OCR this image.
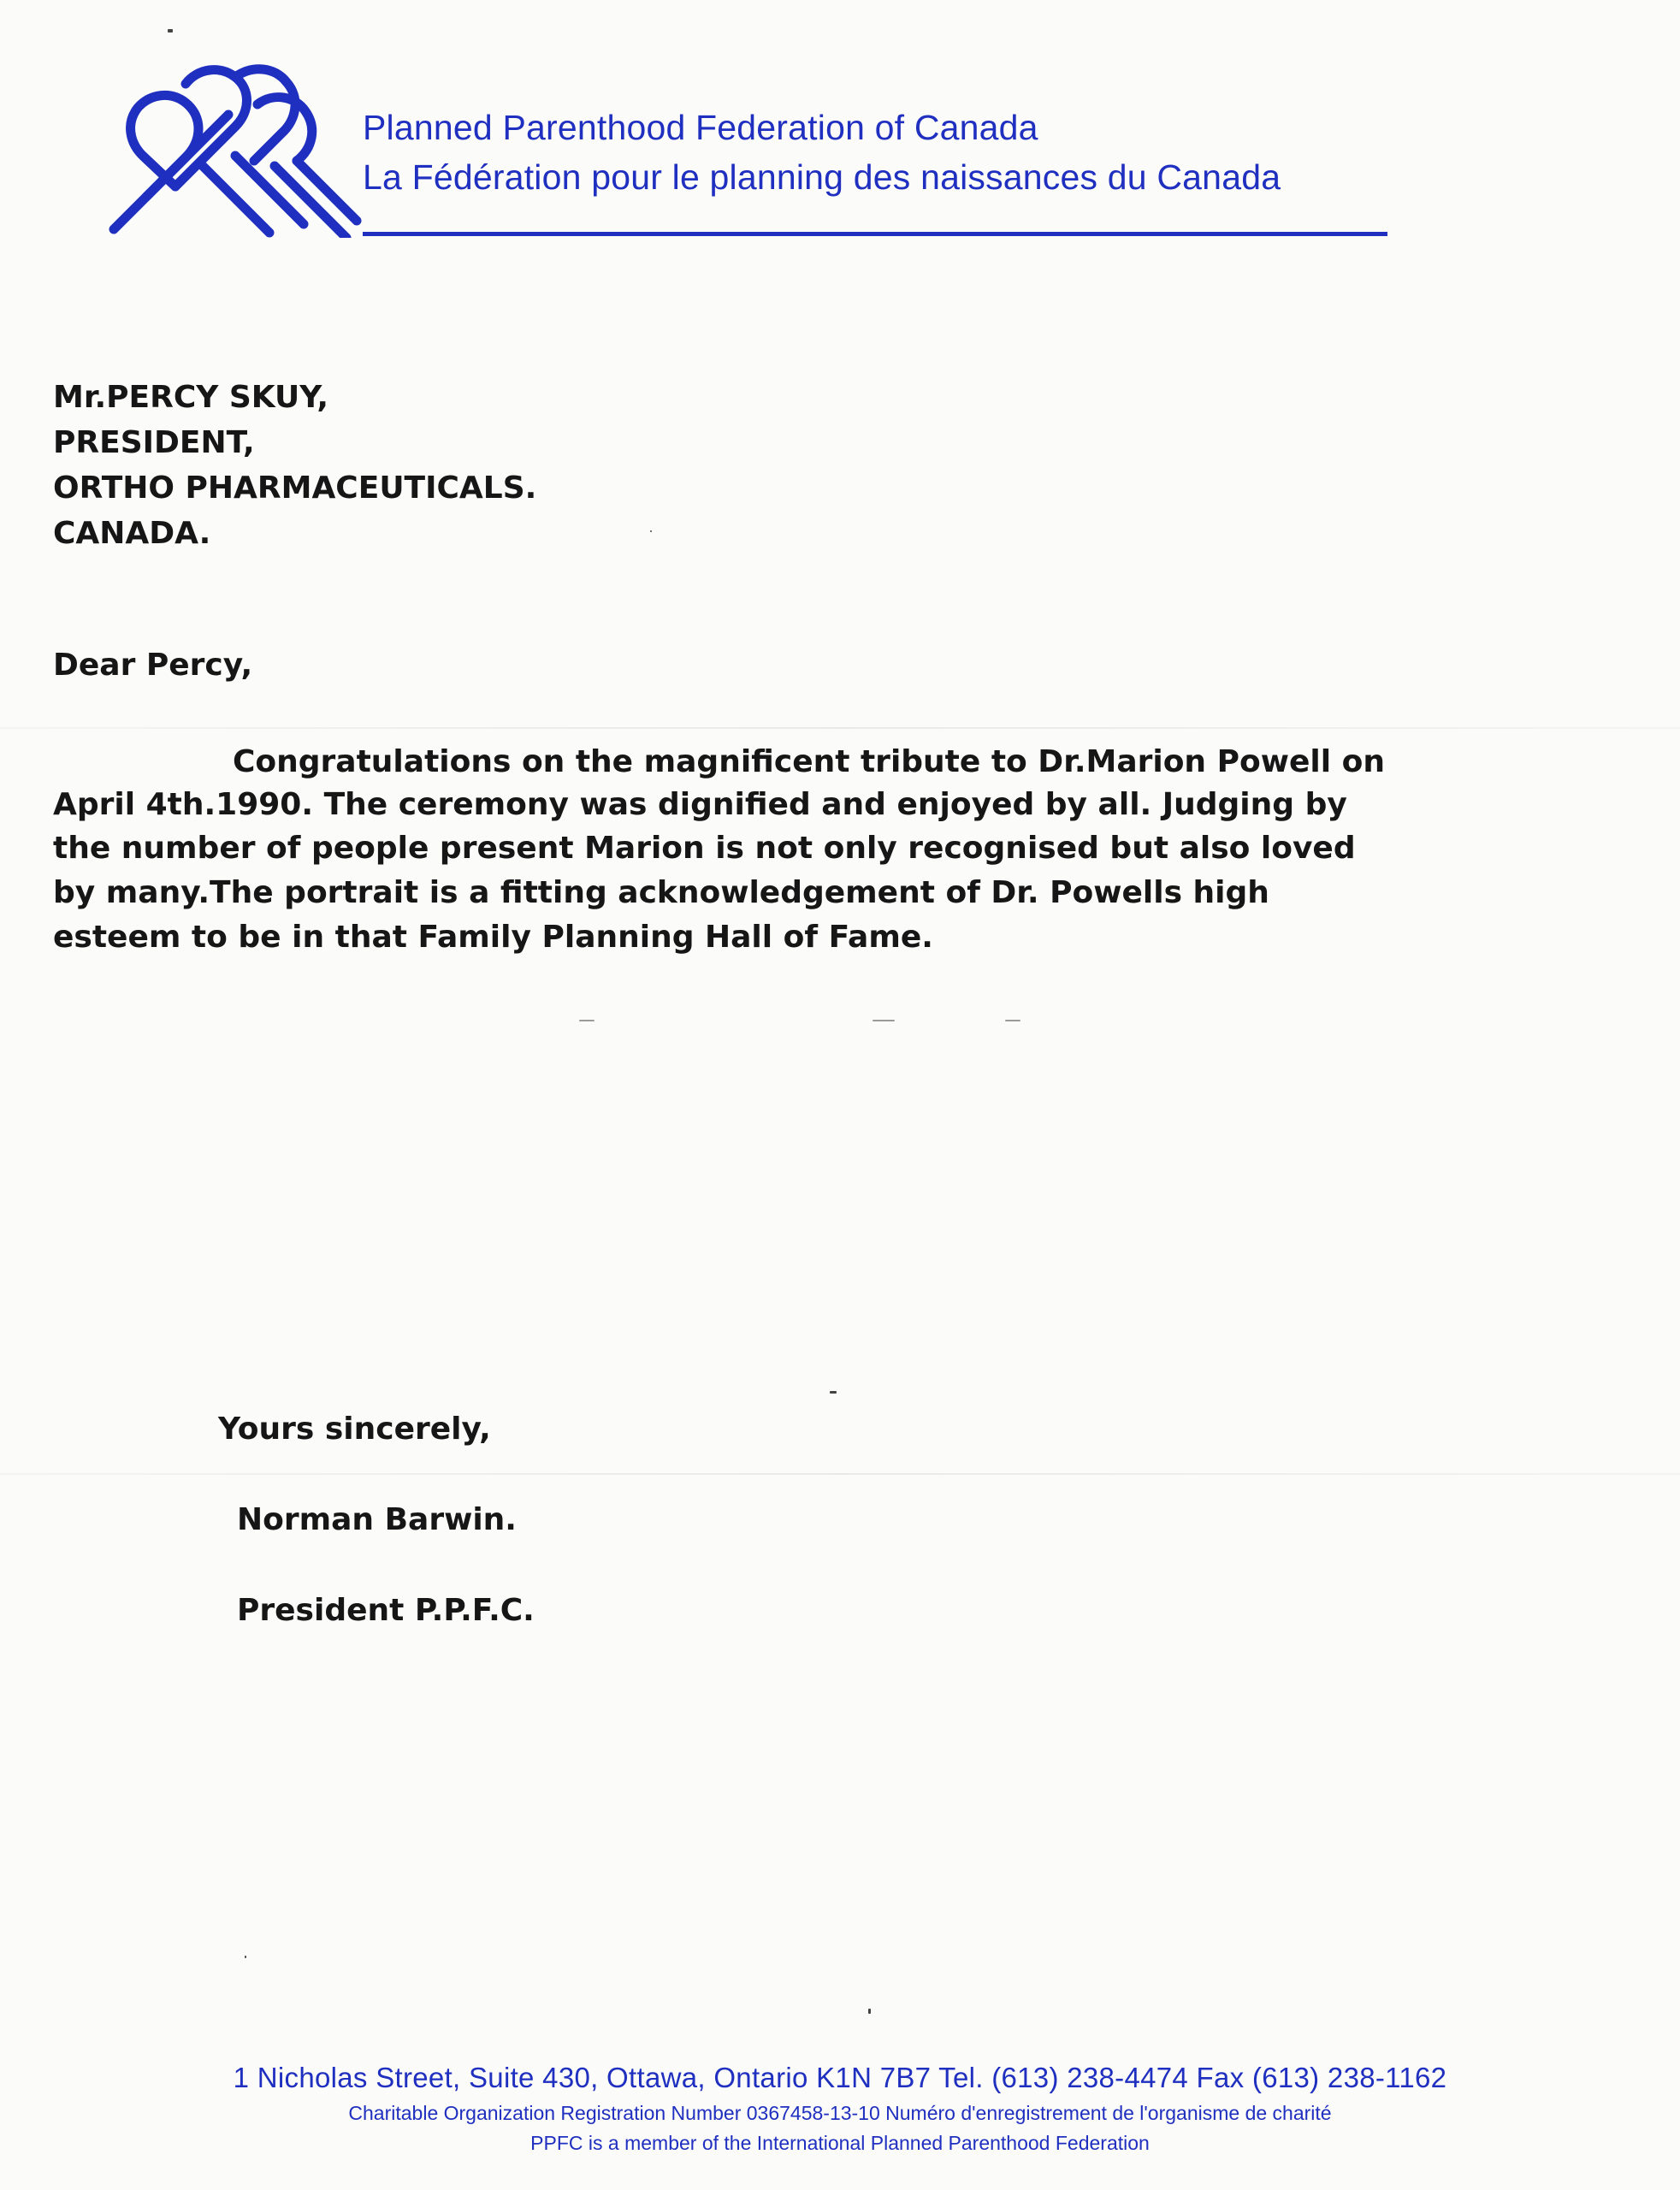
Planned Parenthood Federation of Canada
La Fédération pour le planning des naissances du Canada
Mr.PERCY SKUY,
PRESIDENT,
ORTHO PHARMACEUTICALS.
CANADA.
Dear Percy,
Congratulations on the magnificent tribute to Dr.Marion Powell on
April 4th.1990. The ceremony was dignified and enjoyed by all. Judging by
the number of people present Marion is not only recognised but also loved
by many.The portrait is a fitting acknowledgement of Dr. Powells high
esteem to be in that Family Planning Hall of Fame.
Yours sincerely,
Norman Barwin.
President P.P.F.C.
1 Nicholas Street, Suite 430, Ottawa, Ontario K1N 7B7 Tel. (613) 238-4474 Fax (613) 238-1162
Charitable Organization Registration Number 0367458-13-10 Numéro d'enregistrement de l'organisme de charité
PPFC is a member of the International Planned Parenthood Federation
